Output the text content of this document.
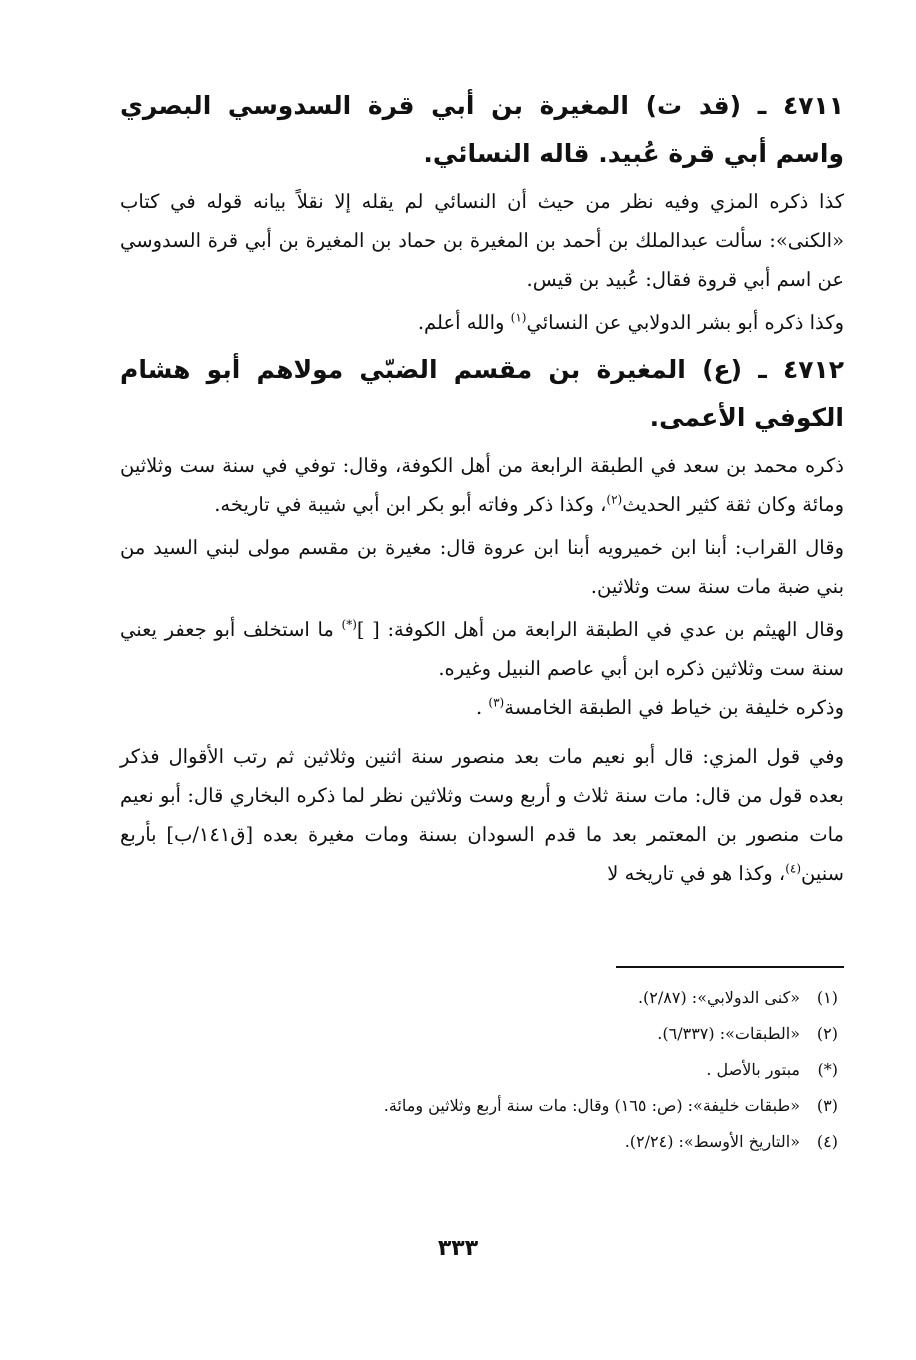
٤٧١١ ـ (قد ت) المغيرة بن أبي قرة السدوسي البصري واسم أبي قرة عُبيد. قاله النسائي.

كذا ذكره المزي وفيه نظر من حيث أن النسائي لم يقله إلا نقلاً بيانه قوله في كتاب «الكنى»: سألت عبدالملك بن أحمد بن المغيرة بن حماد بن المغيرة بن أبي قرة السدوسي عن اسم أبي قروة فقال: عُبيد بن قيس.

وكذا ذكره أبو بشر الدولابي عن النسائي$^{(١)}$ والله أعلم.

٤٧١٢ ـ (ع) المغيرة بن مقسم الضبّي مولاهم أبو هشام الكوفي الأعمى.

ذكره محمد بن سعد في الطبقة الرابعة من أهل الكوفة، وقال: توفي في سنة ست وثلاثين ومائة وكان ثقة كثير الحديث$^{(٢)}$، وكذا ذكر وفاته أبو بكر ابن أبي شيبة في تاريخه.

وقال القراب: أبنا ابن خميرويه أبنا ابن عروة قال: مغيرة بن مقسم مولى لبني السيد من بني ضبة مات سنة ست وثلاثين.

وقال الهيثم بن عدي في الطبقة الرابعة من أهل الكوفة: [ ](*) ما استخلف أبو جعفر يعني سنة ست وثلاثين ذكره ابن أبي عاصم النبيل وغيره.

وذكره خليفة بن خياط في الطبقة الخامسة$^{(٣)}$ .

وفي قول المزي: قال أبو نعيم مات بعد منصور سنة اثنين وثلاثين ثم رتب الأقوال فذكر بعده قول من قال: مات سنة ثلاث و أربع وست وثلاثين نظر لما ذكره البخاري قال: أبو نعيم مات منصور بن المعتمر بعد ما قدم السودان بسنة ومات مغيرة بعده [ق١٤١/ب] بأربع سنين$^{(٤)}$، وكذا هو في تاريخه لا

(١)
«كنى الدولابي»: (٢/٨٧).
(٢)
«الطبقات»: (٦/٣٣٧).
(*)
مبتور بالأصل .
(٣)
«طبقات خليفة»: (ص: ١٦٥) وقال: مات سنة أربع وثلاثين ومائة.
(٤)
«التاريخ الأوسط»: (٢/٢٤).
٣٣٣
